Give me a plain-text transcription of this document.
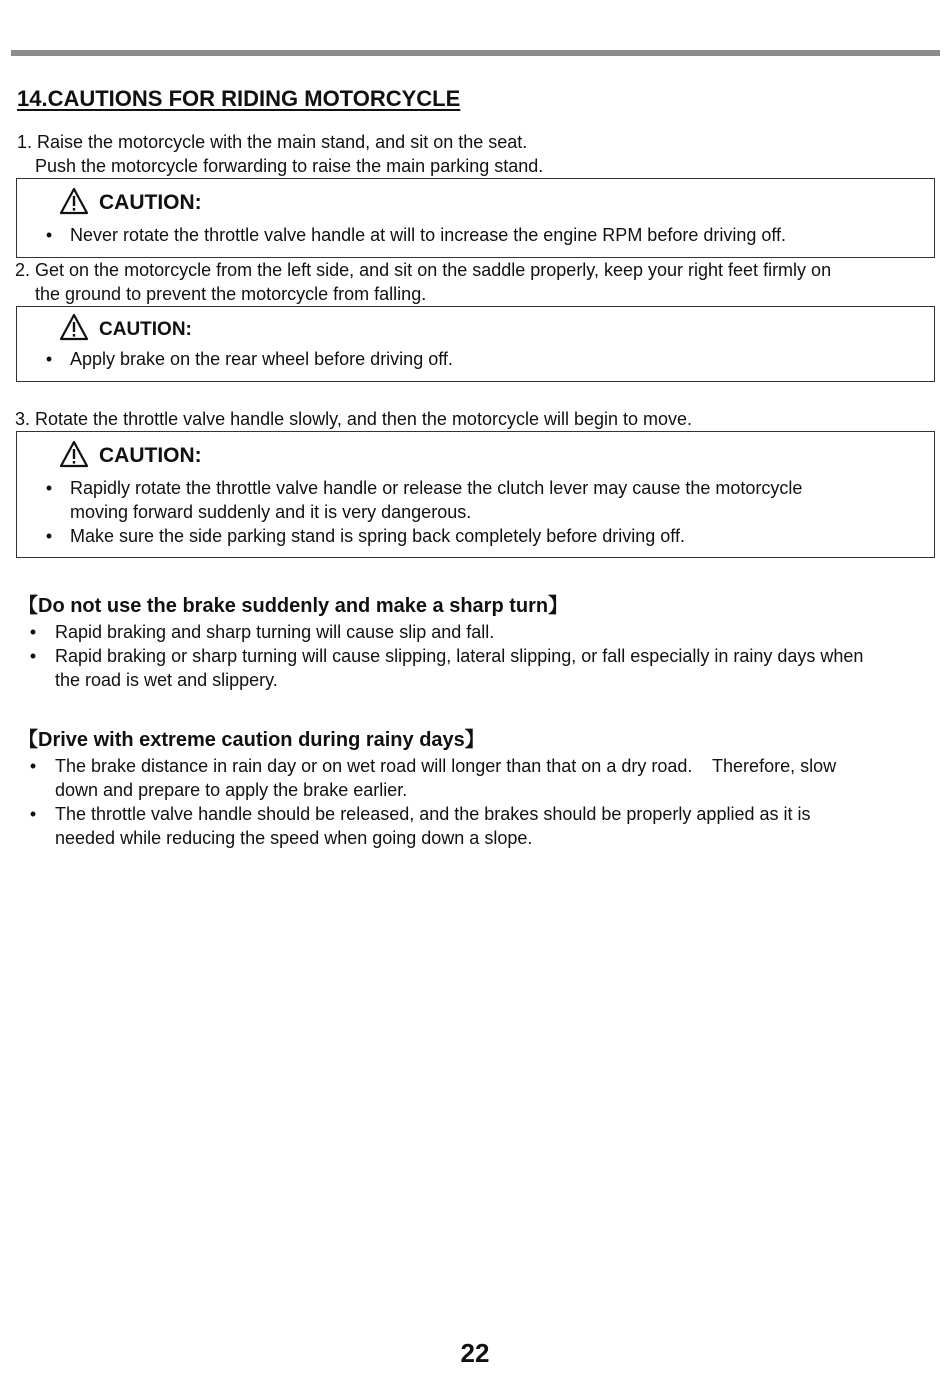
14.CAUTIONS FOR RIDING MOTORCYCLE
1. Raise the motorcycle with the main stand, and sit on the seat.
Push the motorcycle forwarding to raise the main parking stand.
CAUTION:
• Never rotate the throttle valve handle at will to increase the engine RPM before driving off.
2. Get on the motorcycle from the left side, and sit on the saddle properly, keep your right feet firmly on
the ground to prevent the motorcycle from falling.
CAUTION:
• Apply brake on the rear wheel before driving off.
3. Rotate the throttle valve handle slowly, and then the motorcycle will begin to move.
CAUTION:
• Rapidly rotate the throttle valve handle or release the clutch lever may cause the motorcycle
moving forward suddenly and it is very dangerous.
• Make sure the side parking stand is spring back completely before driving off.
【Do not use the brake suddenly and make a sharp turn】
• Rapid braking and sharp turning will cause slip and fall.
• Rapid braking or sharp turning will cause slipping, lateral slipping, or fall especially in rainy days when
the road is wet and slippery.
【Drive with extreme caution during rainy days】
• The brake distance in rain day or on wet road will longer than that on a dry road.    Therefore, slow
down and prepare to apply the brake earlier.
• The throttle valve handle should be released, and the brakes should be properly applied as it is
needed while reducing the speed when going down a slope.
22
